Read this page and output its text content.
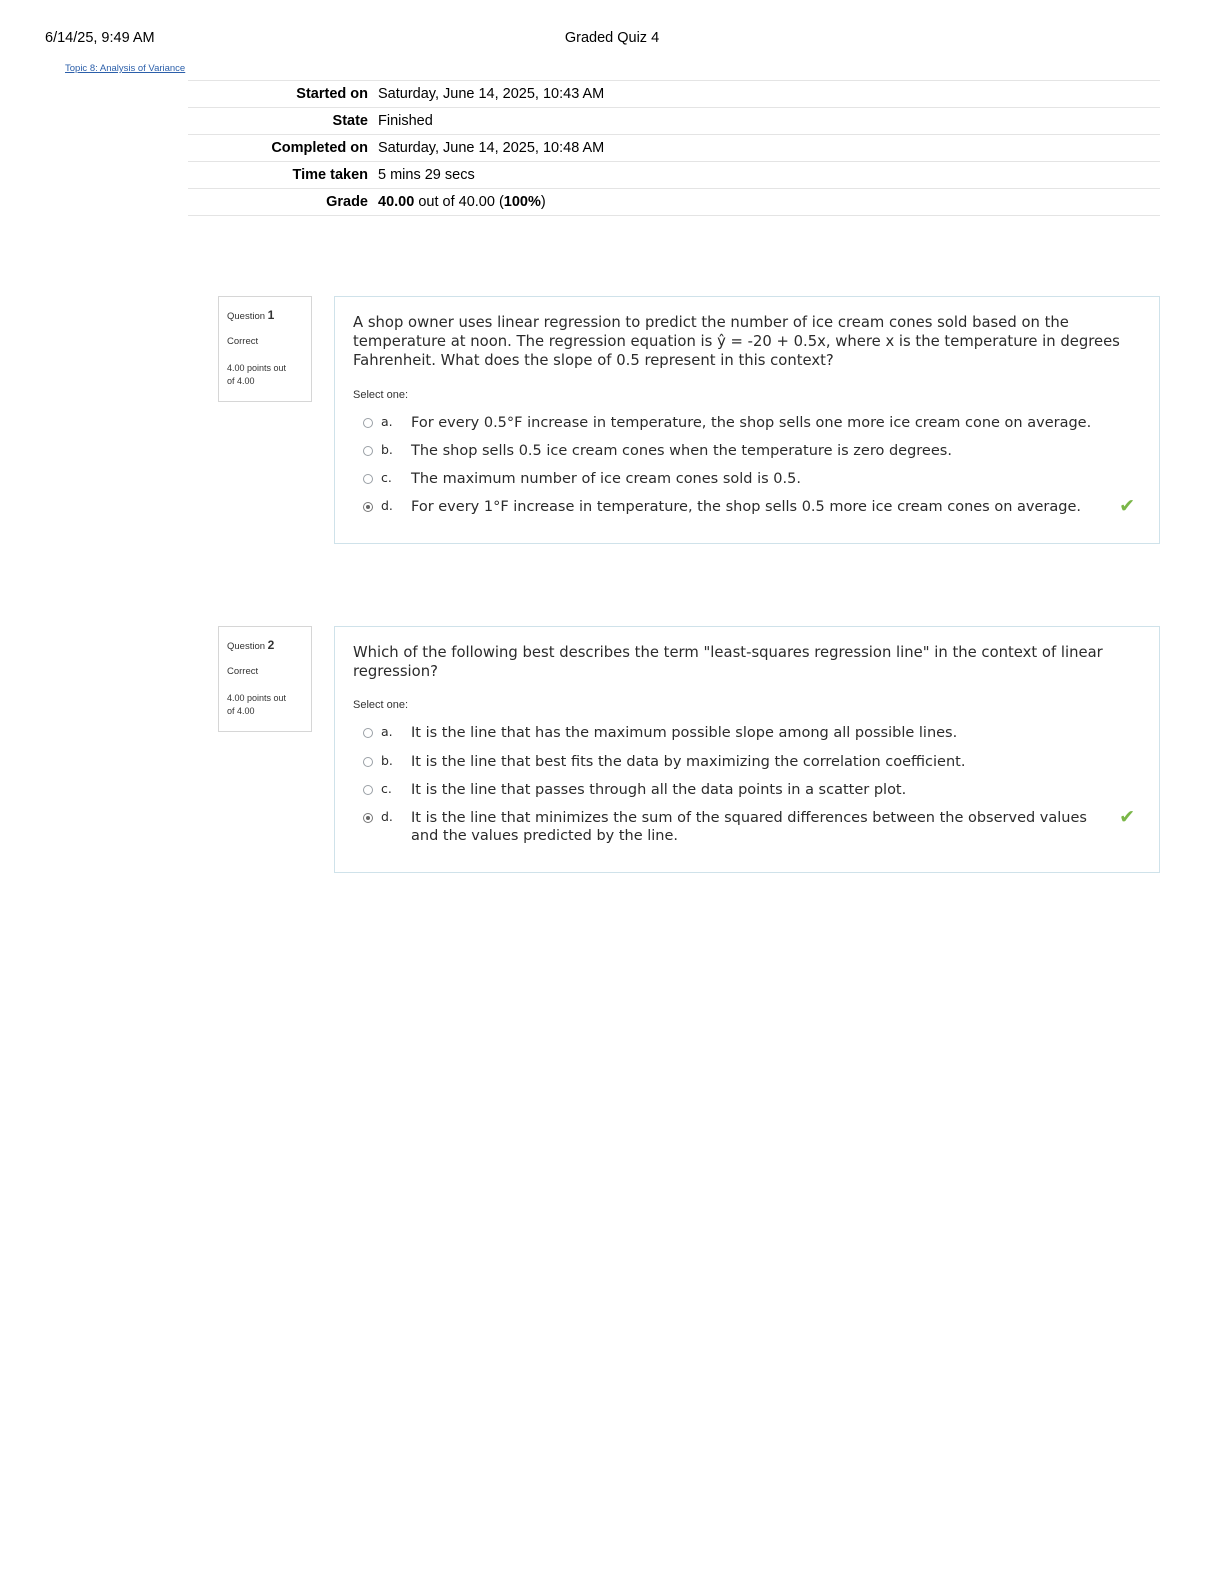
6/14/25, 9:49 AM	Graded Quiz 4
Topic 8: Analysis of Variance
Started on	Saturday, June 14, 2025, 10:43 AM
State	Finished
Completed on	Saturday, June 14, 2025, 10:48 AM
Time taken	5 mins 29 secs
Grade	40.00 out of 40.00 (100%)
Question 1
Correct
4.00 points out
of 4.00

A shop owner uses linear regression to predict the number of ice cream cones sold based on the temperature at noon. The regression equation is ŷ = -20 + 0.5x, where x is the temperature in degrees Fahrenheit. What does the slope of 0.5 represent in this context?

Select one:
a. For every 0.5°F increase in temperature, the shop sells one more ice cream cone on average.
b. The shop sells 0.5 ice cream cones when the temperature is zero degrees.
c. The maximum number of ice cream cones sold is 0.5.
d. For every 1°F increase in temperature, the shop sells 0.5 more ice cream cones on average.	✔
Question 2
Correct
4.00 points out
of 4.00

Which of the following best describes the term "least-squares regression line" in the context of linear regression?

Select one:
a. It is the line that has the maximum possible slope among all possible lines.
b. It is the line that best fits the data by maximizing the correlation coefficient.
c. It is the line that passes through all the data points in a scatter plot.
d. It is the line that minimizes the sum of the squared differences between the observed values and the values predicted by the line.
✔
